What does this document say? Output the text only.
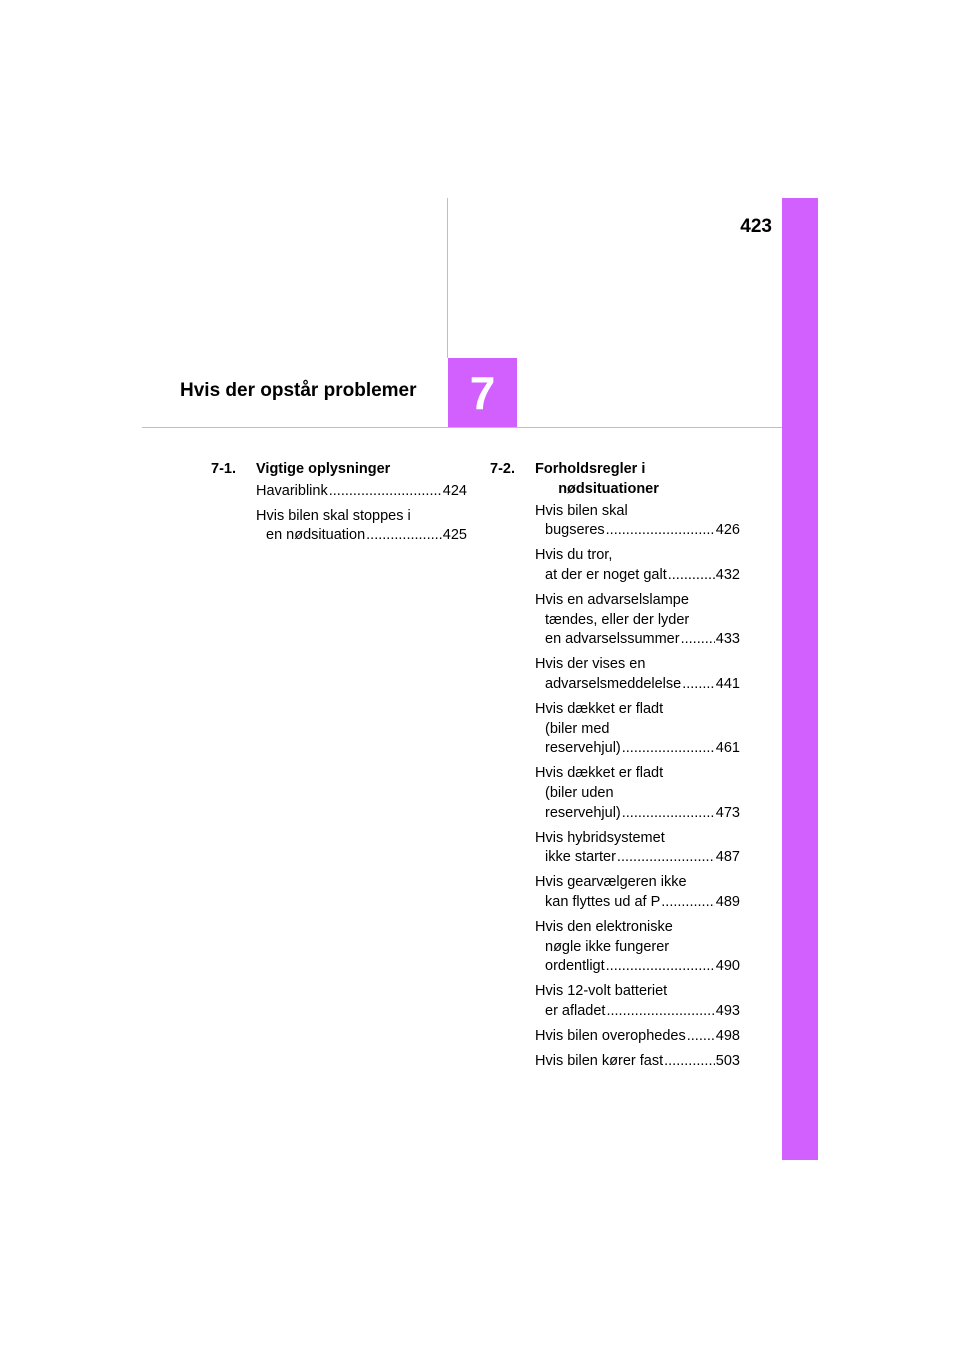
7
423
Hvis der opstår problemer
7-1.	Vigtige oplysninger
Havariblink .....	424
Hvis bilen skal stoppes i
en nødsituation .....	425
7-2.	Forholdsregler i nødsituationer
Hvis bilen skal
bugseres .....	426
Hvis du tror,
at der er noget galt .....	432
Hvis en advarselslampe
tændes, eller der lyder
en advarselssummer ..... 433
Hvis der vises en
advarselsmeddelelse ..... 441
Hvis dækket er fladt
(biler med
reservehjul) .....	461
Hvis dækket er fladt
(biler uden
reservehjul) .....	473
Hvis hybridsystemet
ikke starter .....	487
Hvis gearvælgeren ikke
kan flyttes ud af P .....	489
Hvis den elektroniske
nøgle ikke fungerer
ordentligt .....	490
Hvis 12-volt batteriet
er afladet .....	493
Hvis bilen overophedes ..... 498
Hvis bilen kører fast .....	503
